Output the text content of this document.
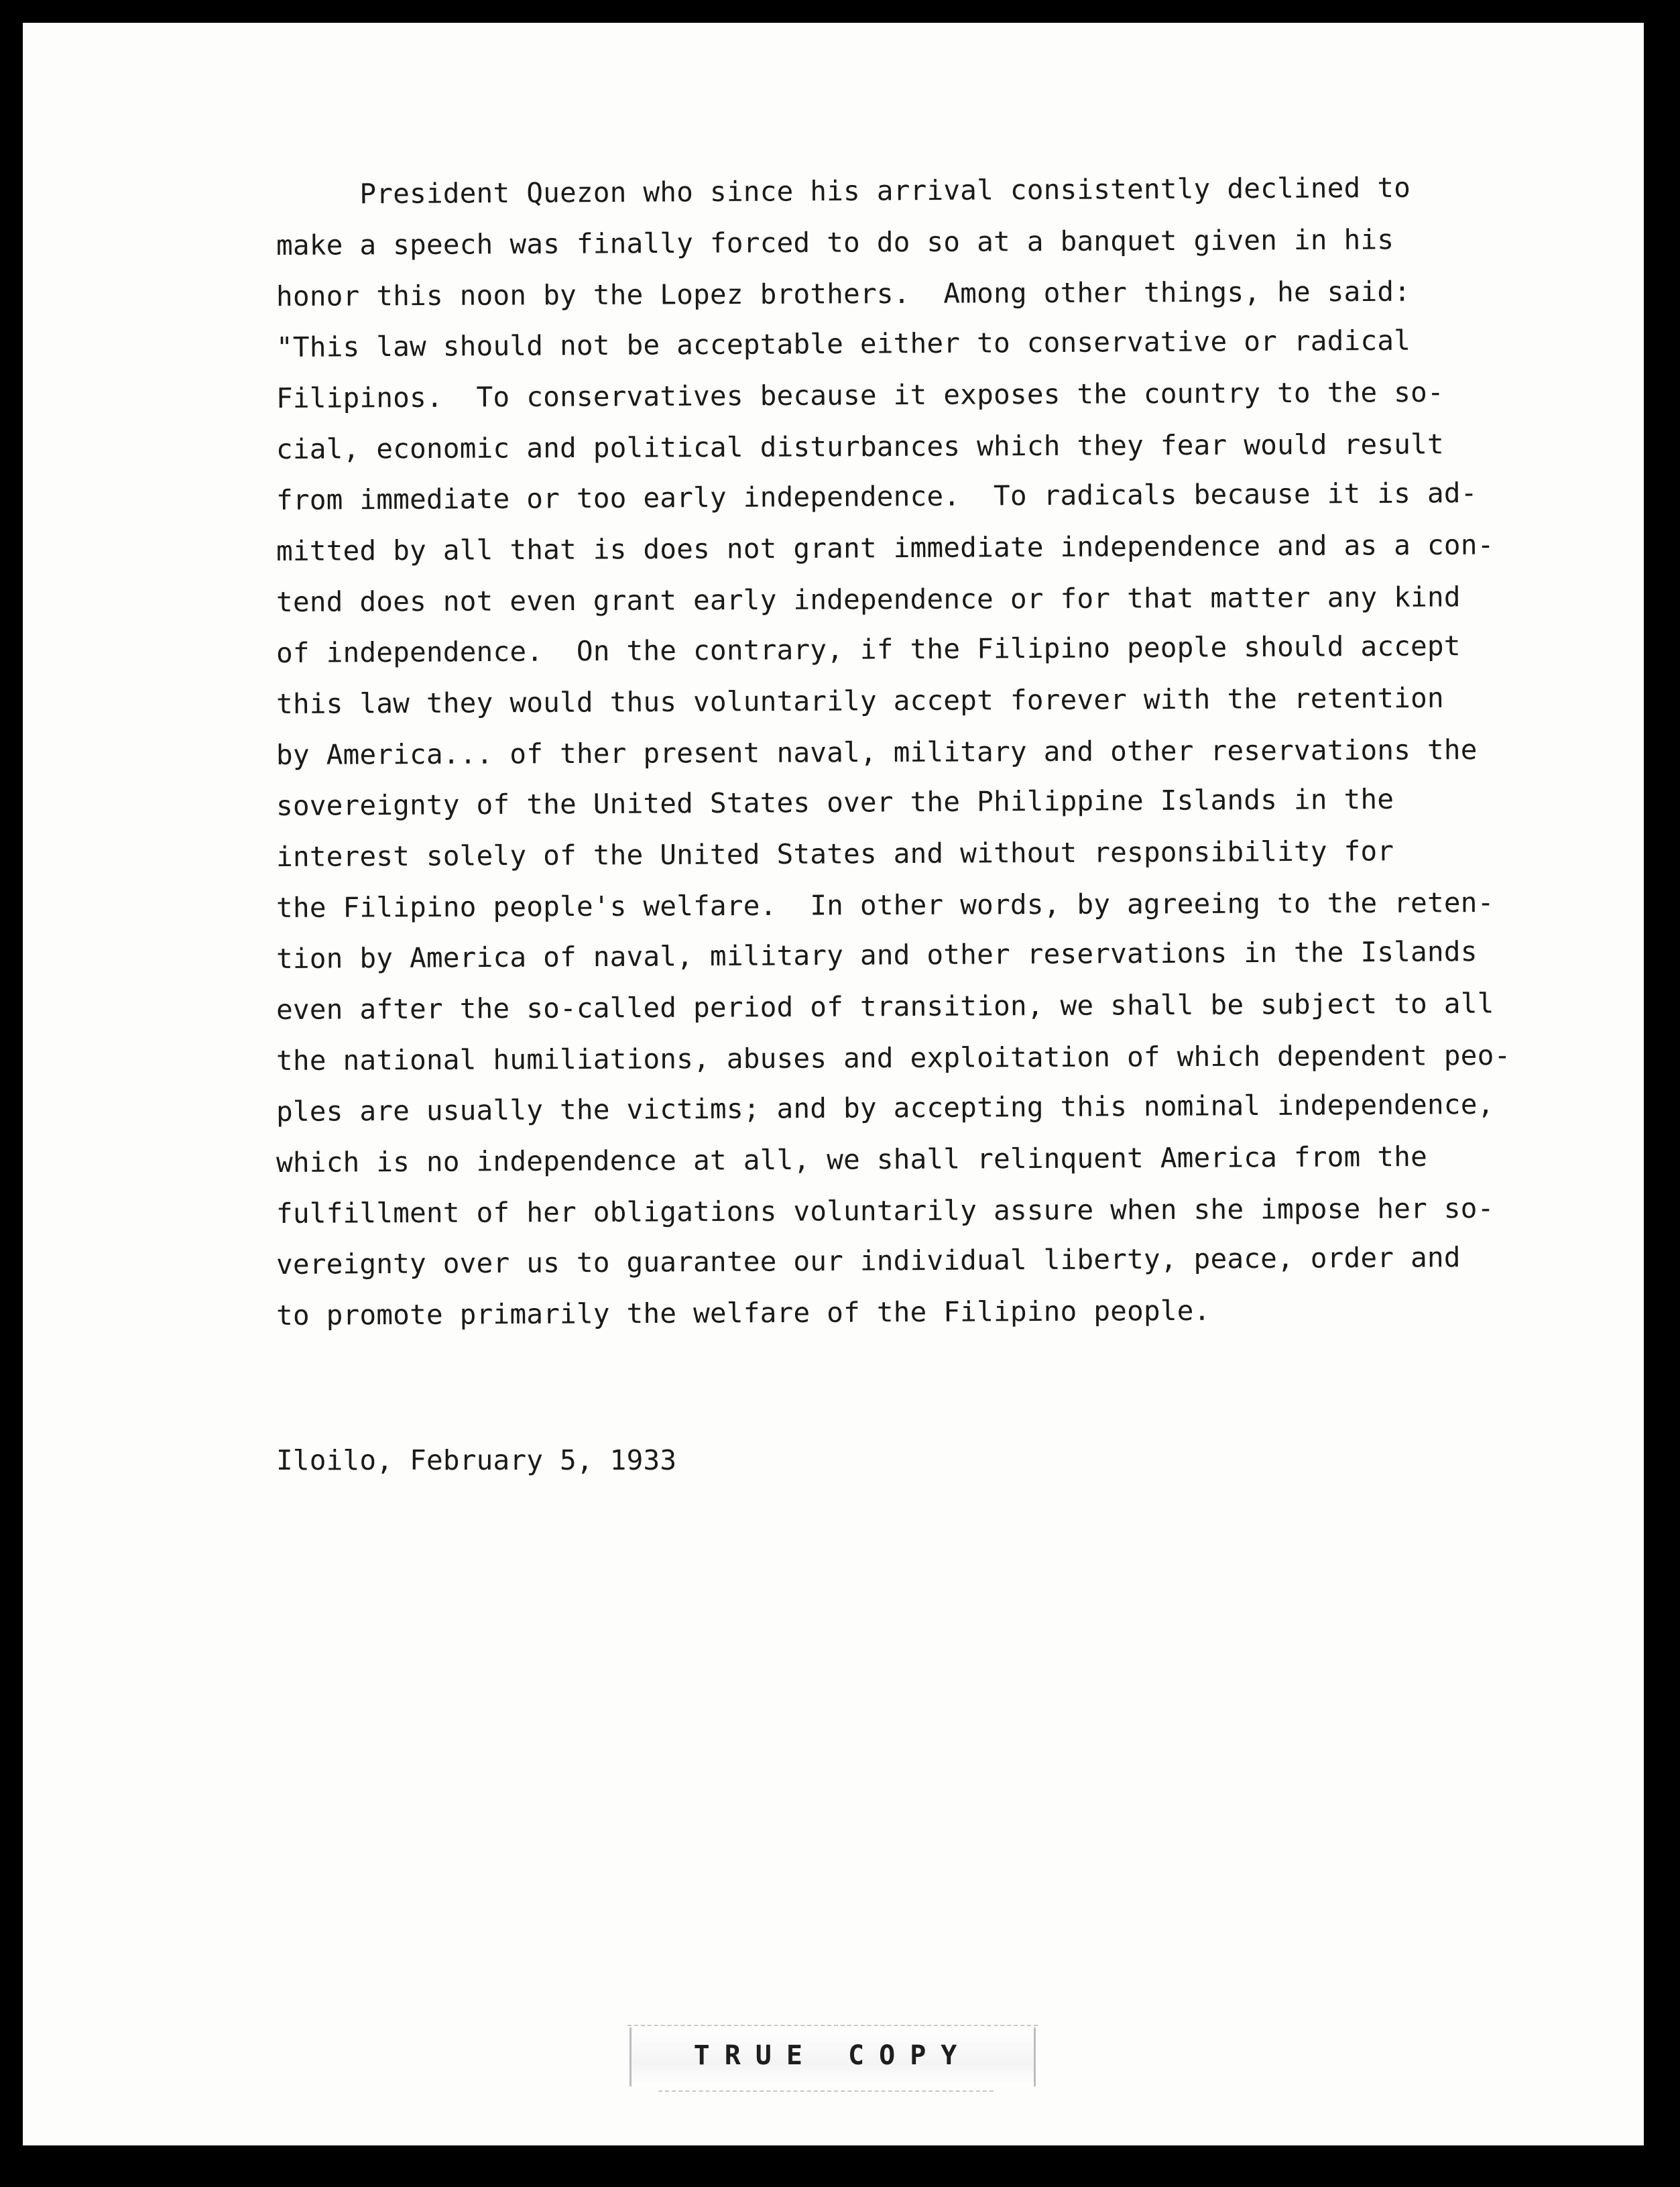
President Quezon who since his arrival consistently declined to
make a speech was finally forced to do so at a banquet given in his
honor this noon by the Lopez brothers.  Among other things, he said:
"This law should not be acceptable either to conservative or radical
Filipinos.  To conservatives because it exposes the country to the so-
cial, economic and political disturbances which they fear would result
from immediate or too early independence.  To radicals because it is ad-
mitted by all that is does not grant immediate independence and as a con-
tend does not even grant early independence or for that matter any kind
of independence.  On the contrary, if the Filipino people should accept
this law they would thus voluntarily accept forever with the retention
by America... of ther present naval, military and other reservations the
sovereignty of the United States over the Philippine Islands in the
interest solely of the United States and without responsibility for
the Filipino people's welfare.  In other words, by agreeing to the reten-
tion by America of naval, military and other reservations in the Islands
even after the so-called period of transition, we shall be subject to all
the national humiliations, abuses and exploitation of which dependent peo-
ples are usually the victims; and by accepting this nominal independence,
which is no independence at all, we shall relinquent America from the
fulfillment of her obligations voluntarily assure when she impose her so-
vereignty over us to guarantee our individual liberty, peace, order and
to promote primarily the welfare of the Filipino people.
Iloilo, February 5, 1933
TRUE COPY
